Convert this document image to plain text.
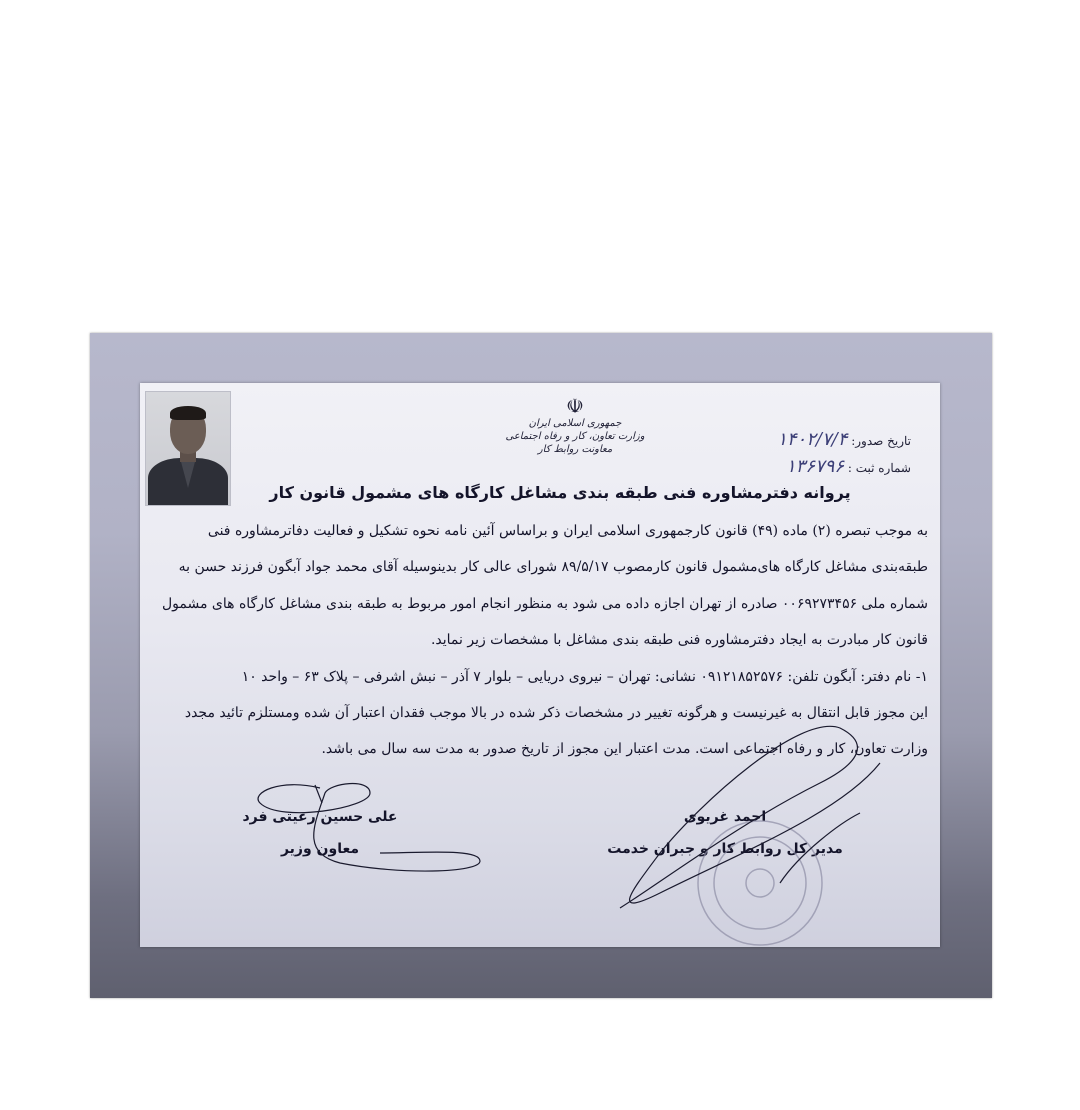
☫
جمهوری اسلامی ایران
وزارت تعاون، کار و رفاه اجتماعی
معاونت روابط کار
تاریخ صدور: ۱۴۰۲/۷/۴
شماره ثبت : ۱۳۶۷۹۶
پروانه دفترمشاوره فنی طبقه بندی مشاغل کارگاه های مشمول قانون کار

به موجب تبصره (۲) ماده (۴۹) قانون کارجمهوری اسلامی ایران و براساس آئین نامه نحوه تشکیل و فعالیت دفاترمشاوره فنی طبقه‌بندی مشاغل کارگاه های‌مشمول قانون کارمصوب ۸۹/۵/۱۷ شورای عالی کار بدینوسیله آقای محمد جواد آبگون فرزند حسن به شماره ملی ۰۰۶۹۲۷۳۴۵۶ صادره از تهران اجازه داده می شود به منظور انجام امور مربوط به طبقه بندی مشاغل کارگاه های مشمول قانون کار مبادرت به ایجاد دفترمشاوره فنی طبقه بندی مشاغل با مشخصات زیر نماید.

۱- نام دفتر: آبگون تلفن: ۰۹۱۲۱۸۵۲۵۷۶ نشانی: تهران – نیروی دریایی – بلوار ۷ آذر – نبش اشرفی – پلاک ۶۳ – واحد ۱۰

این مجوز قابل انتقال به غیرنیست و هرگونه تغییر در مشخصات ذکر شده در بالا موجب فقدان اعتبار آن شده ومستلزم تائید مجدد وزارت تعاون، کار و رفاه اجتماعی است. مدت اعتبار این مجوز از تاریخ صدور به مدت سه سال می باشد.

احمد غریوی
مدیر کل روابط کار و جبران خدمت
علی حسین رعیتی فرد
معاون وزیر
